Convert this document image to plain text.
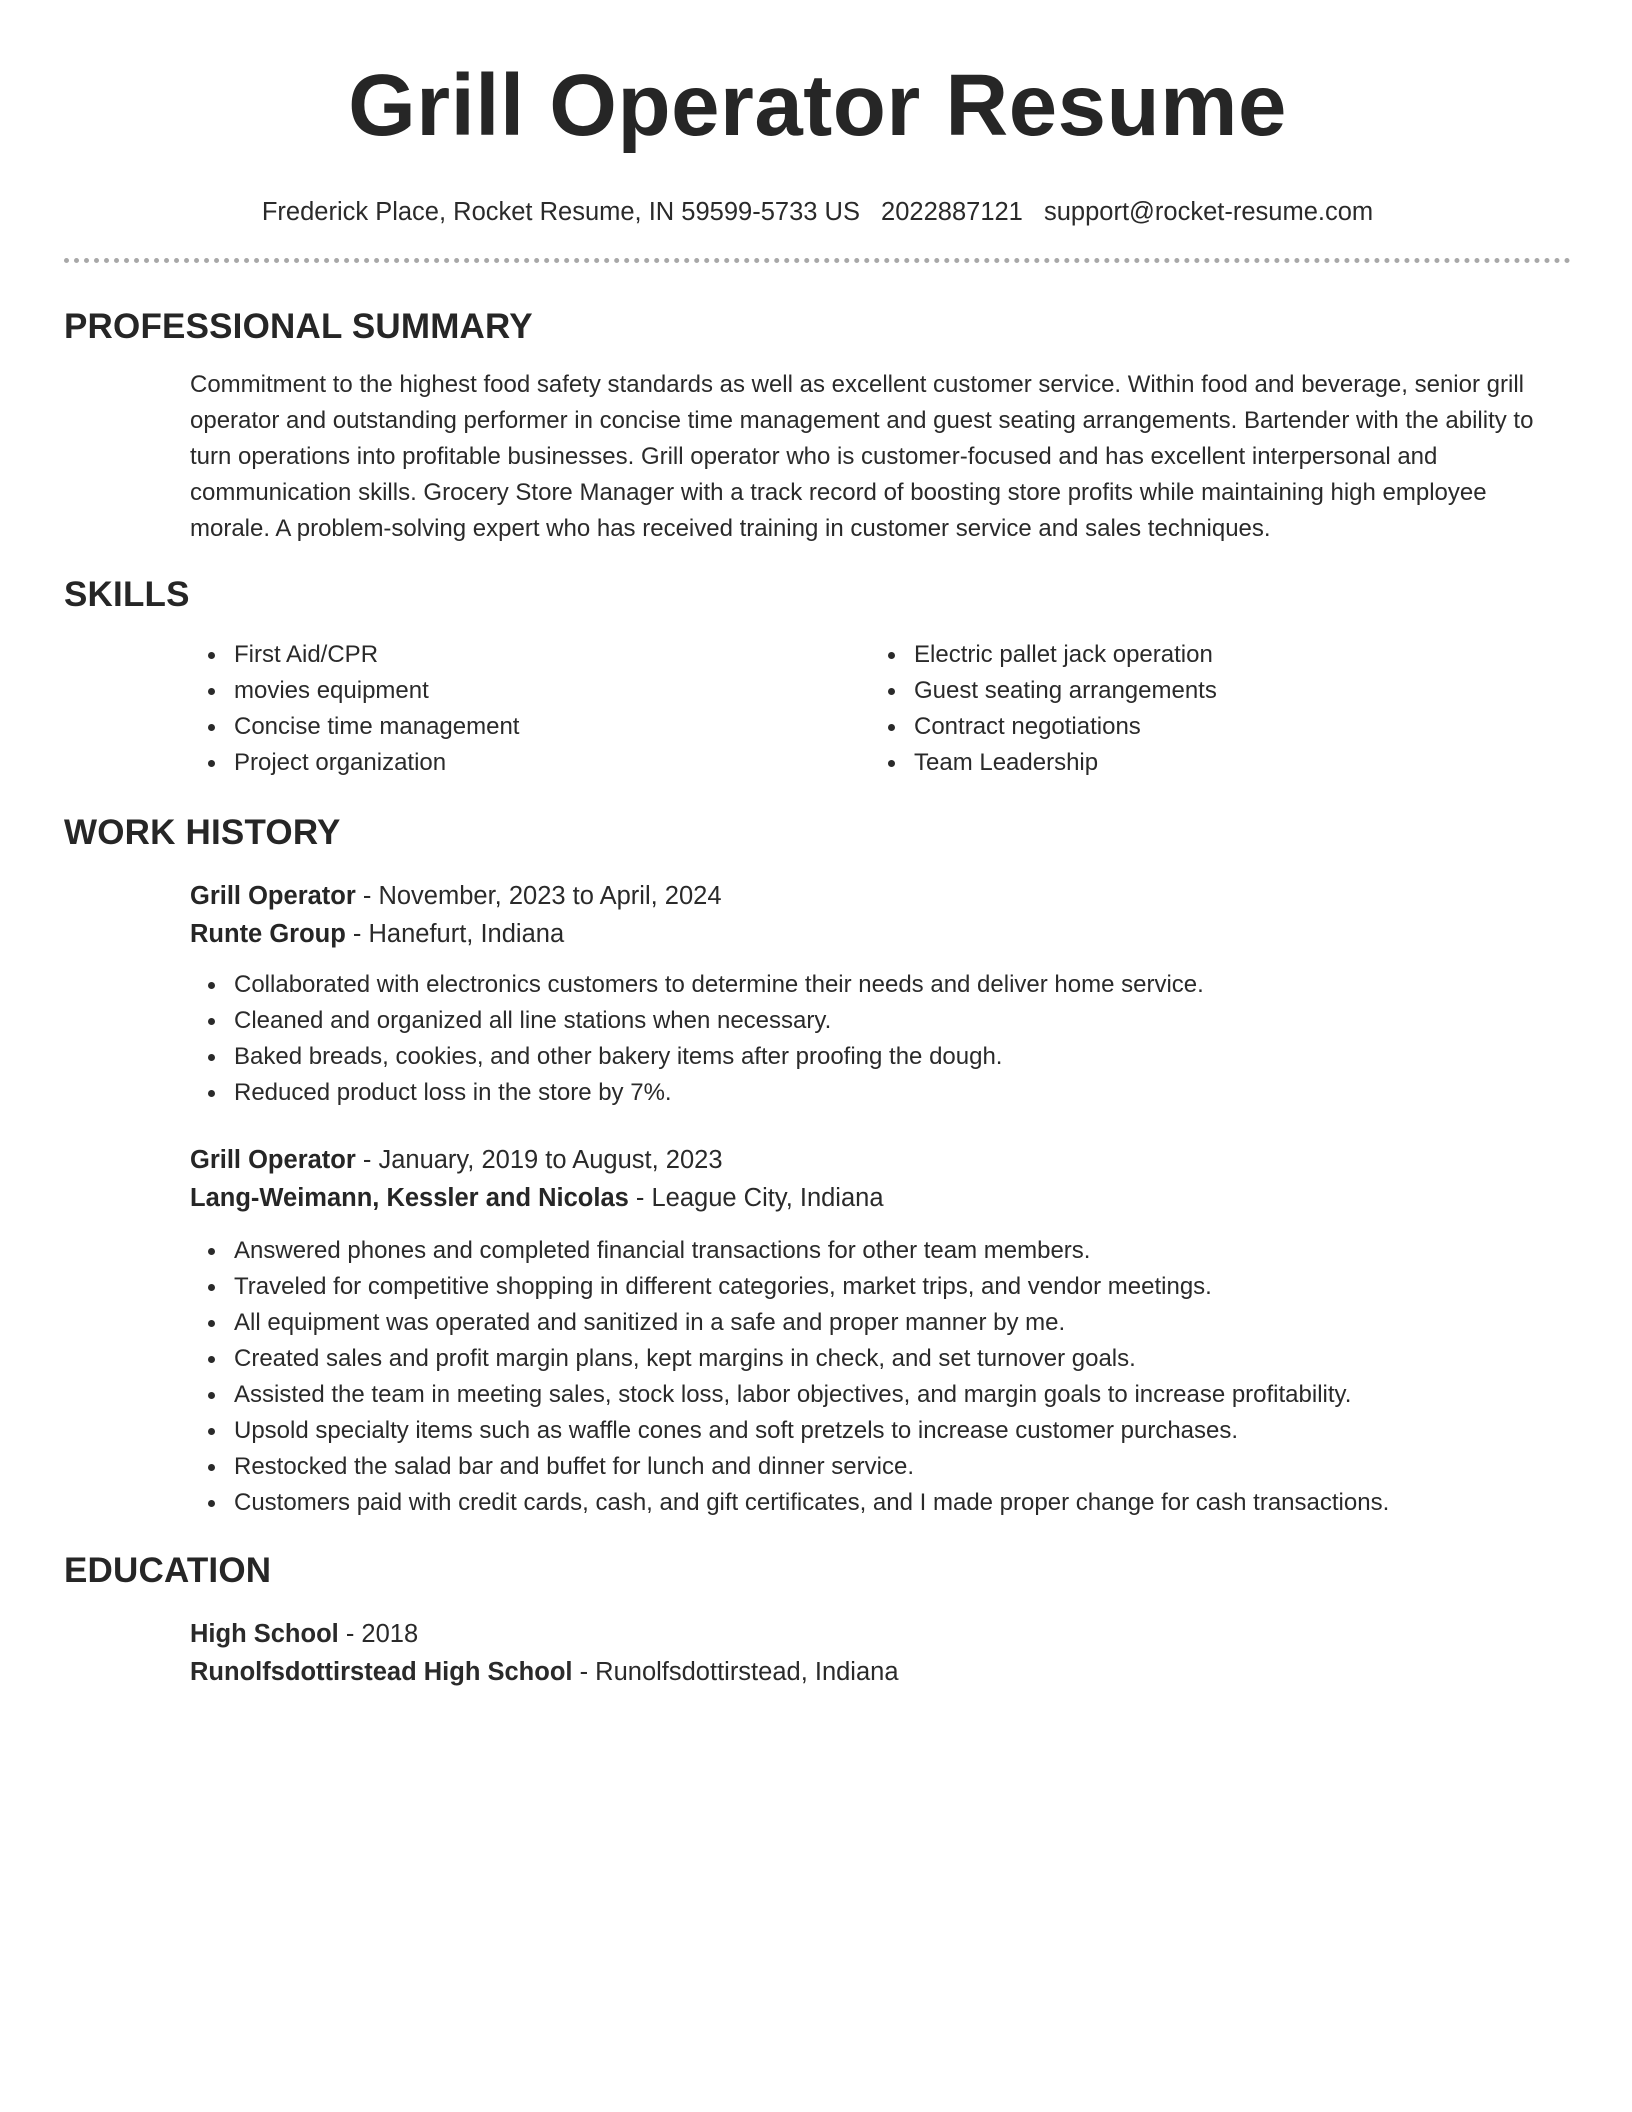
Grill Operator Resume
Frederick Place, Rocket Resume, IN 59599-5733 US 2022887121 support@rocket-resume.com
PROFESSIONAL SUMMARY

Commitment to the highest food safety standards as well as excellent customer service. Within food and beverage, senior grill operator and outstanding performer in concise time management and guest seating arrangements. Bartender with the ability to turn operations into profitable businesses. Grill operator who is customer-focused and has excellent interpersonal and communication skills. Grocery Store Manager with a track record of boosting store profits while maintaining high employee morale. A problem-solving expert who has received training in customer service and sales techniques.

SKILLS
First Aid/CPR
movies equipment
Concise time management
Project organization
Electric pallet jack operation
Guest seating arrangements
Contract negotiations
Team Leadership
WORK HISTORY
Grill Operator - November, 2023 to April, 2024
Runte Group - Hanefurt, Indiana
Collaborated with electronics customers to determine their needs and deliver home service.
Cleaned and organized all line stations when necessary.
Baked breads, cookies, and other bakery items after proofing the dough.
Reduced product loss in the store by 7%.
Grill Operator - January, 2019 to August, 2023
Lang-Weimann, Kessler and Nicolas - League City, Indiana
Answered phones and completed financial transactions for other team members.
Traveled for competitive shopping in different categories, market trips, and vendor meetings.
All equipment was operated and sanitized in a safe and proper manner by me.
Created sales and profit margin plans, kept margins in check, and set turnover goals.
Assisted the team in meeting sales, stock loss, labor objectives, and margin goals to increase profitability.
Upsold specialty items such as waffle cones and soft pretzels to increase customer purchases.
Restocked the salad bar and buffet for lunch and dinner service.
Customers paid with credit cards, cash, and gift certificates, and I made proper change for cash transactions.
EDUCATION
High School - 2018
Runolfsdottirstead High School - Runolfsdottirstead, Indiana
